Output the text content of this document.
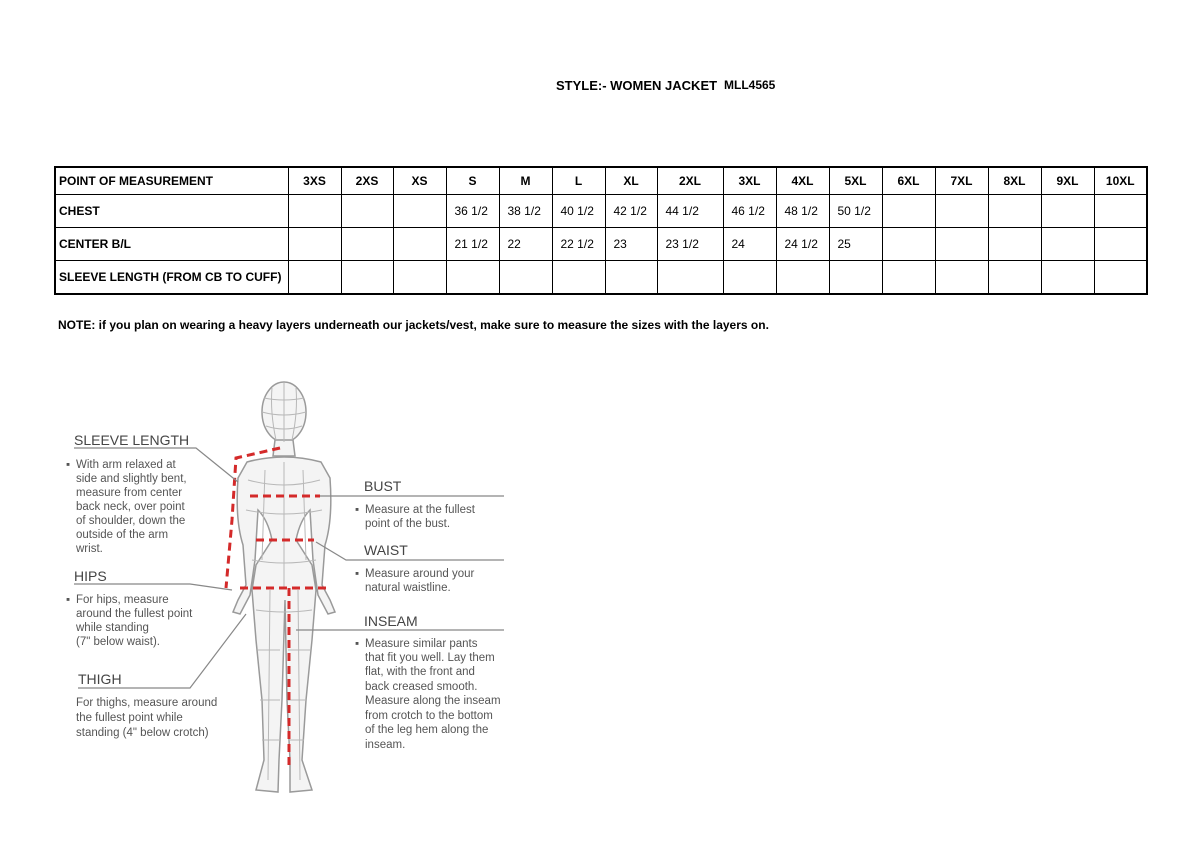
STYLE:- WOMEN JACKET MLL4565
POINT OF MEASUREMENT	3XS	2XS	XS	S	M	L	XL	2XL	3XL	4XL	5XL	6XL	7XL	8XL	9XL	10XL
CHEST				36 1/2	38 1/2	40 1/2	42 1/2	44 1/2	46 1/2	48 1/2	50 1/2					
CENTER B/L				21 1/2	22	22 1/2	23	23 1/2	24	24 1/2	25					
SLEEVE LENGTH (FROM CB TO CUFF)																
NOTE: if you plan on wearing a heavy layers underneath our jackets/vest, make sure to measure the sizes with the layers on.
SLEEVE LENGTH
▪ With arm relaxed at
side and slightly bent,
measure from center
back neck, over point
of shoulder, down the
outside of the arm
wrist.
HIPS
▪ For hips, measure
around the fullest point
while standing
(7" below waist).
THIGH
For thighs, measure around
the fullest point while
standing (4" below crotch)
BUST
▪ Measure at the fullest
point of the bust.
WAIST
▪ Measure around your
natural waistline.
INSEAM
▪ Measure similar pants
that fit you well. Lay them
flat, with the front and
back creased smooth.
Measure along the inseam
from crotch to the bottom
of the leg hem along the
inseam.
